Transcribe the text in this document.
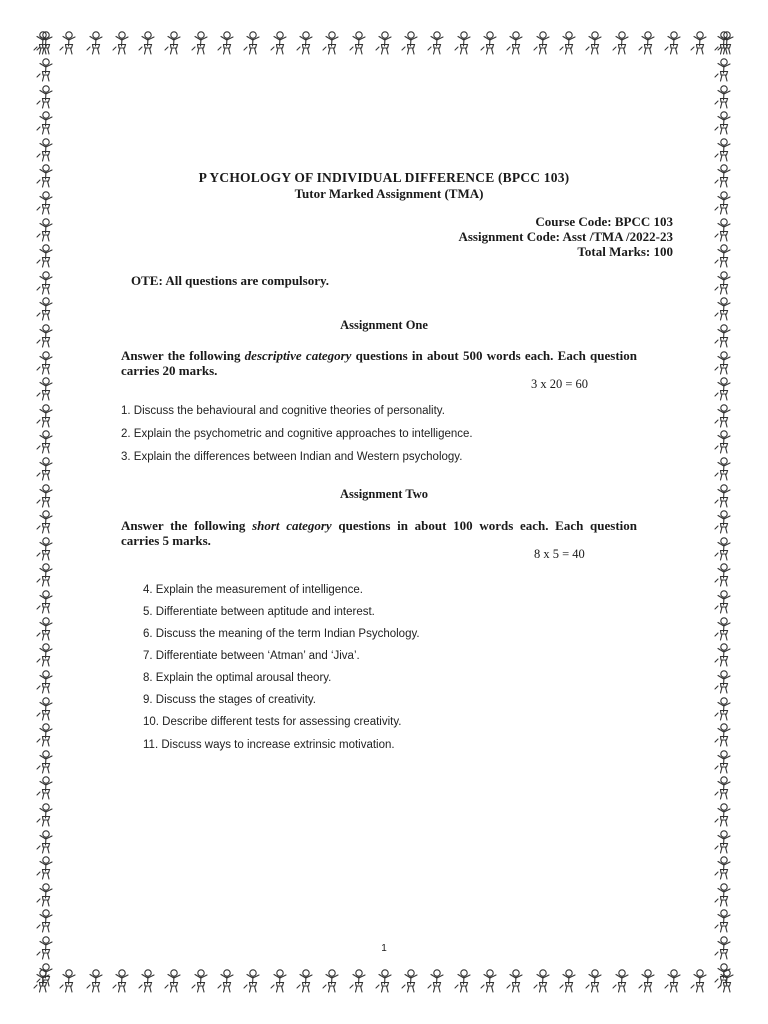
P YCHOLOGY OF INDIVIDUAL DIFFERENCE (BPCC 103)
Tutor Marked Assignment (TMA)
Course Code: BPCC 103
Assignment Code: Asst /TMA /2022-23
Total Marks: 100
OTE: All questions are compulsory.
Assignment One
Answer the following descriptive category questions in about 500 words each. Each question carries 20 marks.
3 x 20 = 60
1. Discuss the behavioural and cognitive theories of personality.
2. Explain the psychometric and cognitive approaches to intelligence.
3. Explain the differences between Indian and Western psychology.
Assignment Two
Answer the following short category questions in about 100 words each. Each question carries 5 marks.
8 x 5 = 40
4. Explain the measurement of intelligence.
5. Differentiate between aptitude and interest.
6. Discuss the meaning of the term Indian Psychology.
7. Differentiate between ‘Atman’ and ‘Jiva’.
8. Explain the optimal arousal theory.
9. Discuss the stages of creativity.
10. Describe different tests for assessing creativity.
11. Discuss ways to increase extrinsic motivation.
1
